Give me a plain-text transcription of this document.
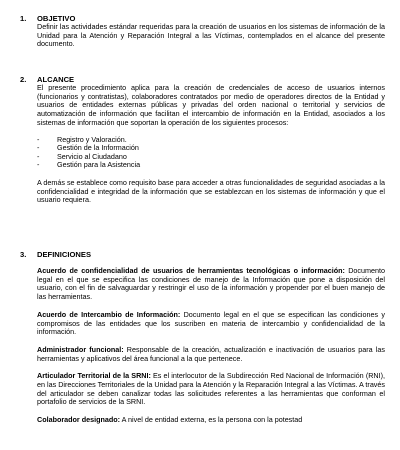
1.	OBJETIVO

Definir las actividades estándar requeridas para la creación de usuarios en los sistemas de información de la Unidad para la Atención y Reparación Integral a las Víctimas, contemplados en el alcance del presente documento.

2.	ALCANCE

El presente procedimiento aplica para la creación de credenciales de acceso de usuarios internos (funcionarios y contratistas), colaboradores contratados por medio de operadores directos de la Entidad y usuarios de entidades externas públicas y privadas del orden nacional o territorial y servicios de automatización de información que facilitan el intercambio de información en la Entidad, asociados a los sistemas de información que soportan la operación de los siguientes procesos:

-	Registro y Valoración.
-	Gestión de la Información
-	Servicio al Ciudadano
-	Gestión para la Asistencia

A demás se establece como requisito base para acceder a otras funcionalidades de seguridad asociadas a la confidencialidad e integridad de la información que se establezcan en los sistemas de información y que el usuario requiera.

3.	DEFINICIONES

Acuerdo de confidencialidad de usuarios de herramientas tecnológicas o información: Documento legal en el que se especifica las condiciones de manejo de la Información que pone a disposición del usuario, con el fin de salvaguardar y restringir el uso de la información y propender por el buen manejo de las herramientas.

Acuerdo de Intercambio de Información: Documento legal en el que se especifican las condiciones y compromisos de las entidades que los suscriben en materia de intercambio y confidencialidad de la información.

Administrador funcional: Responsable de la creación, actualización e inactivación de usuarios para las herramientas y aplicativos del área funcional a la que pertenece.

Articulador Territorial de la SRNI: Es el interlocutor de la Subdirección Red Nacional de Información (RNI), en las Direcciones Territoriales de la Unidad para la Atención y la Reparación Integral a las Víctimas. A través del articulador se deben canalizar todas las solicitudes referentes a las herramientas que conforman el portafolio de servicios de la SRNI.

Colaborador designado: A nivel de entidad externa, es la persona con la potestad
